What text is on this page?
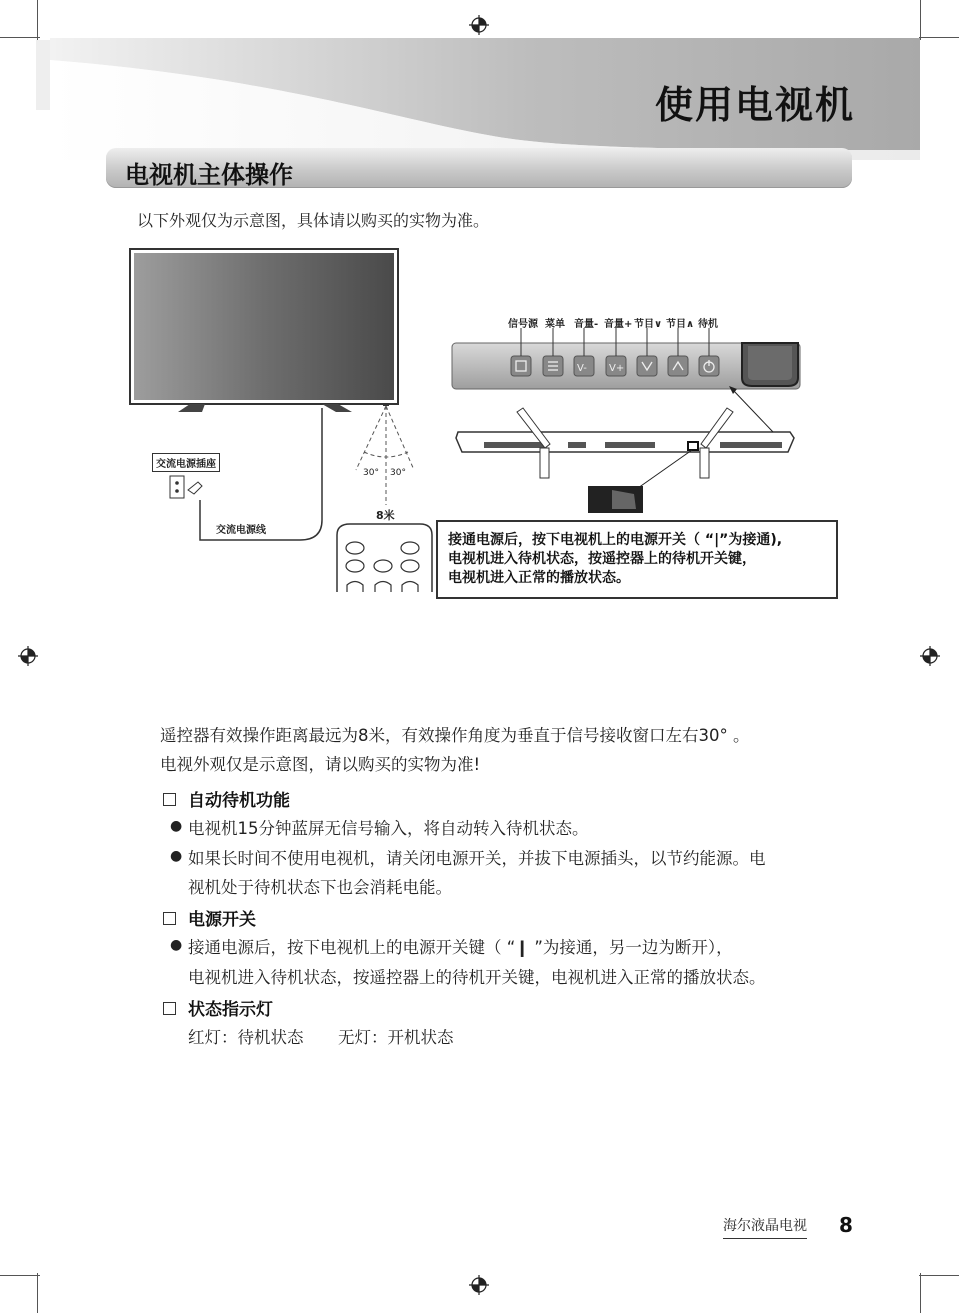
使用电视机
电视机主体操作
以下外观仅为示意图，具体请以购买的实物为准。
V- V+
交流电源插座
交流电源线
30° 30°
8米
信号源 菜单 音量- 音量+ 节目∨ 节目∧ 待机
接通电源后，按下电视机上的电源开关（ “|”为接通),
电视机进入待机状态，按遥控器上的待机开关键，
电视机进入正常的播放状态。
遥控器有效操作距离最远为8米，有效操作角度为垂直于信号接收窗口左右30° 。
电视外观仅是示意图，请以购买的实物为准!
自动待机功能
● 电视机15分钟蓝屏无信号输入，将自动转入待机状态。
● 如果长时间不使用电视机，请关闭电源开关，并拔下电源插头，以节约能源。电
视机处于待机状态下也会消耗电能。
电源开关
● 接通电源后，按下电视机上的电源开关键（ “❙ ”为接通，另一边为断开），
电视机进入待机状态，按遥控器上的待机开关键，电视机进入正常的播放状态。
状态指示灯
红灯：待机状态 无灯：开机状态
海尔液晶电视 8
